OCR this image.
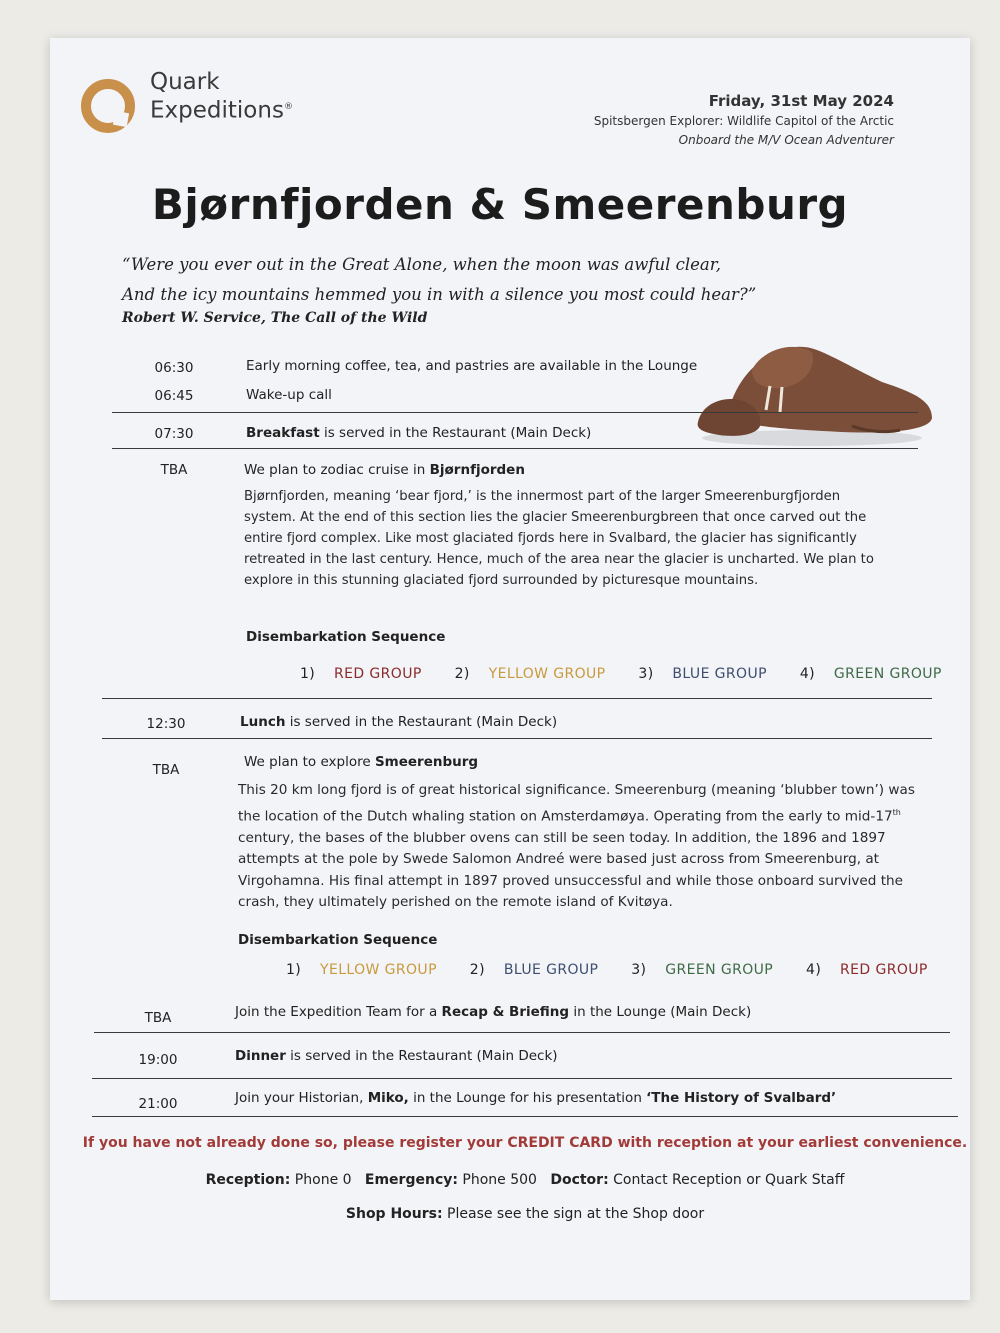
Quark
Expeditions®	Friday, 31st May 2024
Spitsbergen Explorer: Wildlife Capitol of the Arctic
Onboard the M/V Ocean Adventurer
Bjørnfjorden & Smeerenburg
“Were you ever out in the Great Alone, when the moon was awful clear,
And the icy mountains hemmed you in with a silence you most could hear?”
Robert W. Service, The Call of the Wild
06:30	Early morning coffee, tea, and pastries are available in the Lounge
06:45	Wake-up call
07:30	Breakfast is served in the Restaurant (Main Deck)
TBA	We plan to zodiac cruise in Bjørnfjorden
Bjørnfjorden, meaning ‘bear fjord,’ is the innermost part of the larger Smeerenburgfjorden system. At the end of this section lies the glacier Smeerenburgbreen that once carved out the entire fjord complex. Like most glaciated fjords here in Svalbard, the glacier has significantly retreated in the last century. Hence, much of the area near the glacier is uncharted. We plan to explore in this stunning glaciated fjord surrounded by picturesque mountains.
Disembarkation Sequence
1) RED GROUP 2) YELLOW GROUP 3) BLUE GROUP 4) GREEN GROUP
12:30	Lunch is served in the Restaurant (Main Deck)
TBA	We plan to explore Smeerenburg
This 20 km long fjord is of great historical significance. Smeerenburg (meaning ‘blubber town’) was the location of the Dutch whaling station on Amsterdamøya. Operating from the early to mid-17th century, the bases of the blubber ovens can still be seen today. In addition, the 1896 and 1897 attempts at the pole by Swede Salomon Andreé were based just across from Smeerenburg, at Virgohamna. His final attempt in 1897 proved unsuccessful and while those onboard survived the crash, they ultimately perished on the remote island of Kvitøya.
Disembarkation Sequence
1) YELLOW GROUP 2) BLUE GROUP 3) GREEN GROUP 4) RED GROUP
TBA	Join the Expedition Team for a Recap & Briefing in the Lounge (Main Deck)
19:00	Dinner is served in the Restaurant (Main Deck)
21:00	Join your Historian, Miko, in the Lounge for his presentation ‘The History of Svalbard’
If you have not already done so, please register your CREDIT CARD with reception at your earliest convenience.
Reception: Phone 0 Emergency: Phone 500 Doctor: Contact Reception or Quark Staff
Shop Hours: Please see the sign at the Shop door
